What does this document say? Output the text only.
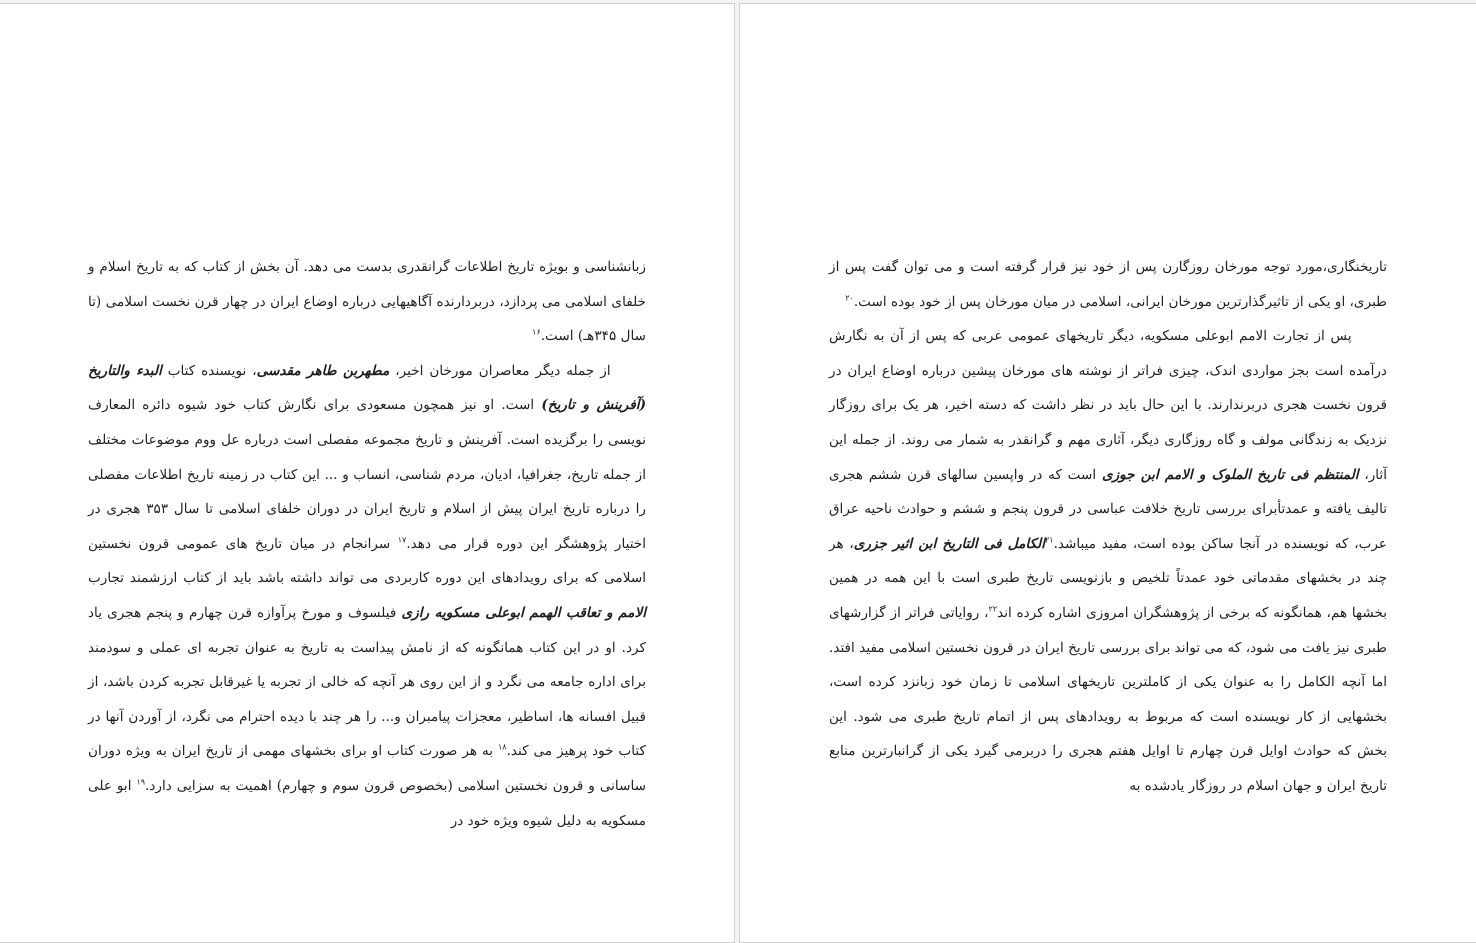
زبانشناسی و بویژه تاریخ اطلاعات گرانقدری بدست می دهد. آن بخش از کتاب که به تاریخ اسلام و خلفای اسلامی می پردازد، دربردارنده آگاهیهایی درباره اوضاع ایران در چهار قرن نخست اسلامی (تا سال ۳۴۵هـ) است.$^{۱۶}$

از جمله دیگر معاصران مورخان اخیر، مطهربن طاهر مقدسی، نویسنده کتاب البدء والتاریخ (آفرینش و تاریخ) است. او نیز همچون مسعودی برای نگارش کتاب خود شیوه دائره المعارف نویسی را برگزیده است. آفرینش و تاریخ مجموعه مفصلی است درباره عل ووم موضوعات مختلف از جمله تاریخ، جغرافیا، ادیان، مردم شناسی، انساب و ... این کتاب در زمینه تاریخ اطلاعات مفصلی را درباره تاریخ ایران پیش از اسلام و تاریخ ایران در دوران خلفای اسلامی تا سال ۳۵۳ هجری در اختیار پژوهشگر این دوره قرار می دهد.$^{۱۷}$ سرانجام در میان تاریخ های عمومی قرون نخستین اسلامی که برای رویدادهای این دوره کاربردی می تواند داشته باشد باید از کتاب ارزشمند تجارب الامم و تعاقب الهمم ابوعلی مسکویه رازی فیلسوف و مورخ پرآوازه قرن چهارم و پنجم هجری یاد کرد. او در این کتاب همانگونه که از نامش پیداست به تاریخ به عنوان تجربه ای عملی و سودمند برای اداره جامعه می نگرد و از این روی هر آنچه که خالی از تجربه یا غیرقابل تجربه کردن باشد، از قبیل افسانه ها، اساطیر، معجزات پیامبران و... را هر چند با دیده احترام می نگرد، از آوردن آنها در کتاب خود پرهیز می کند.$^{۱۸}$ به هر صورت کتاب او برای بخشهای مهمی از تاریخ ایران به ویژه دوران ساسانی و قرون نخستین اسلامی (بخصوص قرون سوم و چهارم) اهمیت به سزایی دارد.$^{۱۹}$ ابو علی مسکویه به دلیل شیوه ویژه خود در

تاریخنگاری،مورد توجه مورخان روزگارن پس از خود نیز قرار گرفته است و می توان گفت پس از طبری، او یکی از تاثیرگذارترین مورخان ایرانی، اسلامی در میان مورخان پس از خود بوده است.$^{۲۰}$

پس از تجارت الامم ابوعلی مسکویه، دیگر تاریخهای عمومی عربی که پس از آن به نگارش درآمده است بجز مواردی اندک، چیزی فراتر از نوشته های مورخان پیشین درباره اوضاع ایران در قرون نخست هجری دربرندارند. با این حال باید در نظر داشت که دسته اخیر، هر یک برای روزگار نزدیک به زندگانی مولف و گاه روزگاری دیگر، آثاری مهم و گرانقدر به شمار می روند. از جمله این آثار، المنتظم فی تاریخ الملوک و الامم ابن جوزی است که در واپسین سالهای قرن ششم هجری تالیف یافته و عمدتأبرای بررسی تاریخ خلافت عباسی در قرون پنجم و ششم و حوادث ناحیه عراق عرب، که نویسنده در آنجا ساکن بوده است، مفید میباشد.$^{۲۱}$الکامل فی التاریخ ابن اثیر جزری، هر چند در بخشهای مقدماتی خود عمدتاً تلخیص و بازنویسی تاریخ طبری است با این همه در همین بخشها هم، همانگونه که برخی از پژوهشگران امروزی اشاره کرده اند$^{۲۲}$، روایاتی فراتر از گزارشهای طبری نیز یافت می شود، که می تواند برای بررسی تاریخ ایران در قرون نخستین اسلامی مفید افتد. اما آنچه الکامل را به عنوان یکی از کاملترین تاریخهای اسلامی تا زمان خود زبانزد کرده است، بخشهایی از کار نویسنده است که مربوط به رویدادهای پس از اتمام تاریخ طبری می شود. این بخش که حوادث اوایل قرن چهارم تا اوایل هفتم هجری را دربرمی گیرد یکی از گرانبارترین منابع تاریخ ایران و جهان اسلام در روزگار یادشده به
